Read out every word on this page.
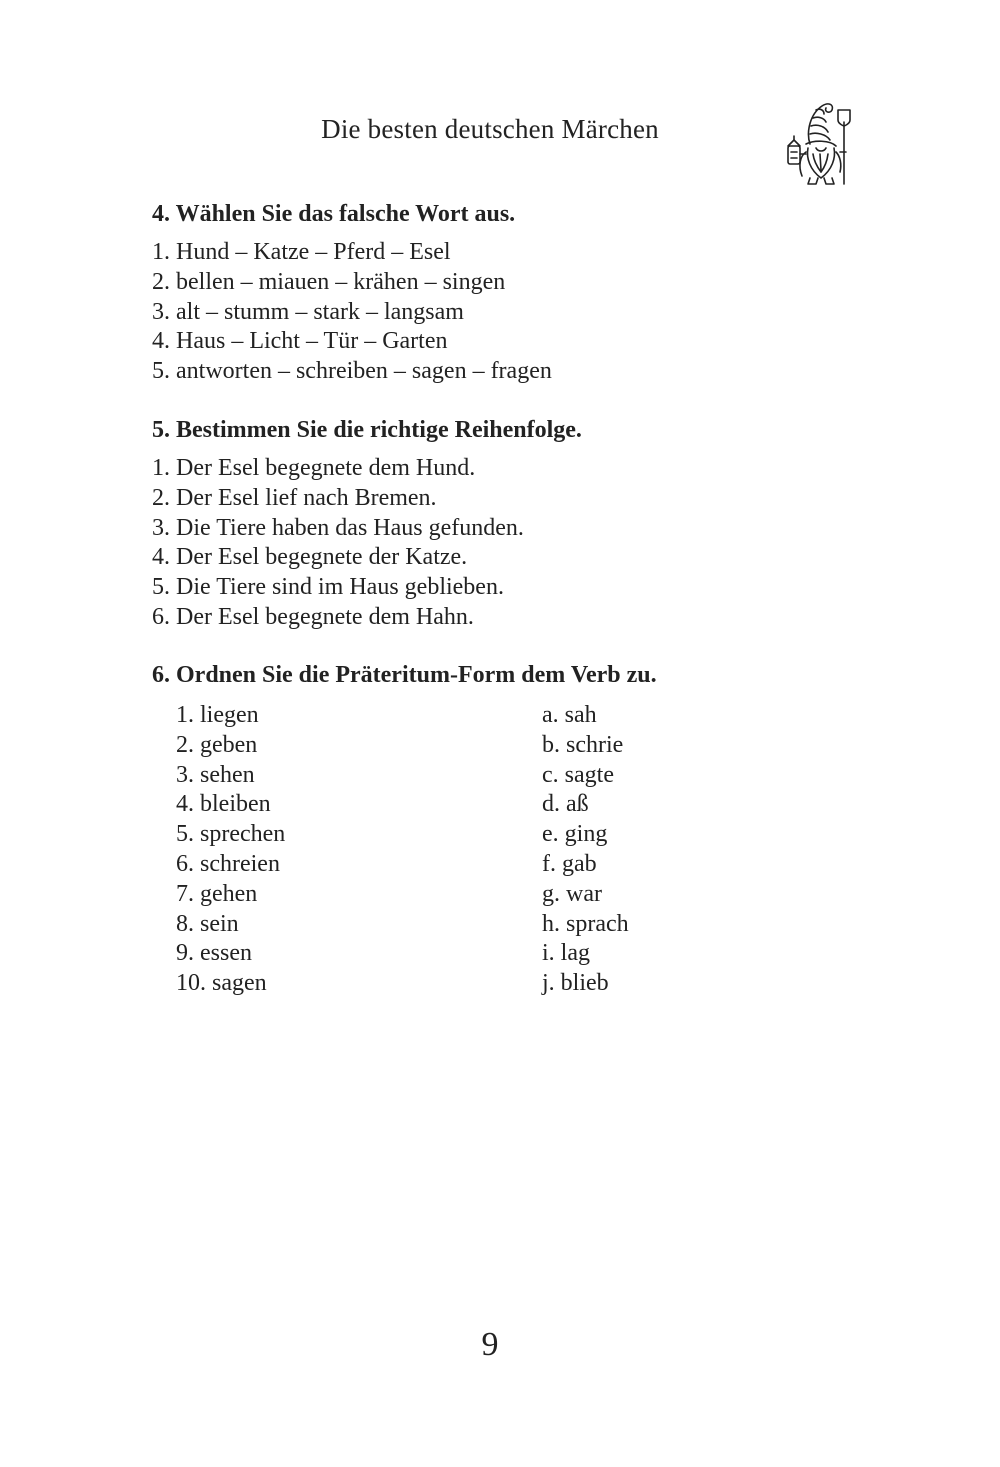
Die besten deutschen Märchen
4. Wählen Sie das falsche Wort aus.
1. Hund – Katze – Pferd – Esel
2. bellen – miauen – krähen – singen
3. alt – stumm – stark – langsam
4. Haus – Licht – Tür – Garten
5. antworten – schreiben – sagen – fragen
5. Bestimmen Sie die richtige Reihenfolge.
1. Der Esel begegnete dem Hund.
2. Der Esel lief nach Bremen.
3. Die Tiere haben das Haus gefunden.
4. Der Esel begegnete der Katze.
5. Die Tiere sind im Haus geblieben.
6. Der Esel begegnete dem Hahn.
6. Ordnen Sie die Präteritum-Form dem Verb zu.
1. liegen
2. geben
3. sehen
4. bleiben
5. sprechen
6. schreien
7. gehen
8. sein
9. essen
10. sagen
a. sah
b. schrie
c. sagte
d. aß
e. ging
f. gab
g. war
h. sprach
i. lag
j. blieb
9
